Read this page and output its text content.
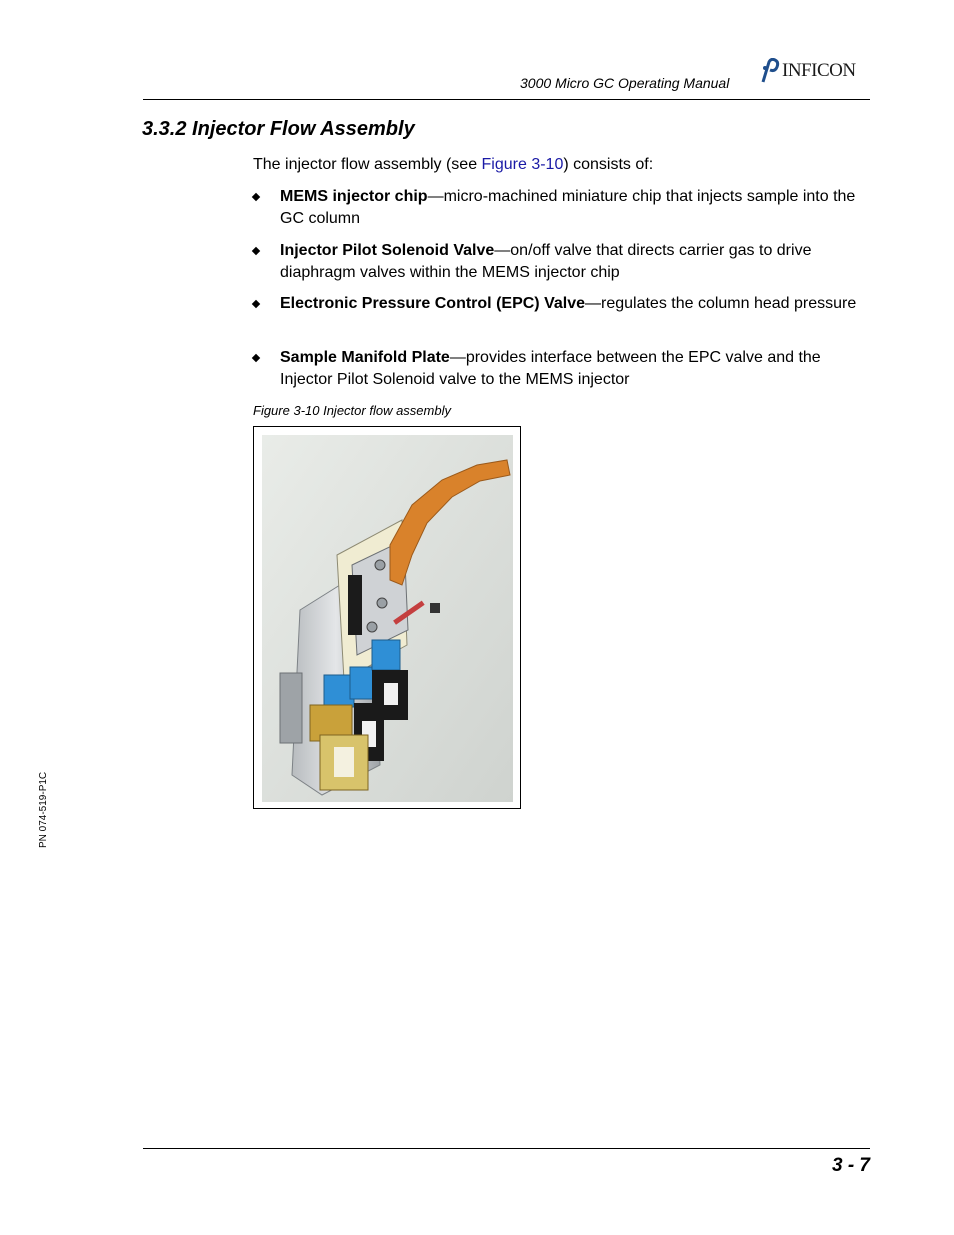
3000 Micro GC Operating Manual
INFICON
3.3.2 Injector Flow Assembly
The injector flow assembly (see Figure 3-10) consists of:
MEMS injector chip—micro-machined miniature chip that injects sample into the GC column
Injector Pilot Solenoid Valve—on/off valve that directs carrier gas to drive diaphragm valves within the MEMS injector chip
Electronic Pressure Control (EPC) Valve—regulates the column head pressure
Sample Manifold Plate—provides interface between the EPC valve and the Injector Pilot Solenoid valve to the MEMS injector
Figure 3-10 Injector flow assembly
PN 074-519-P1C
3 - 7
